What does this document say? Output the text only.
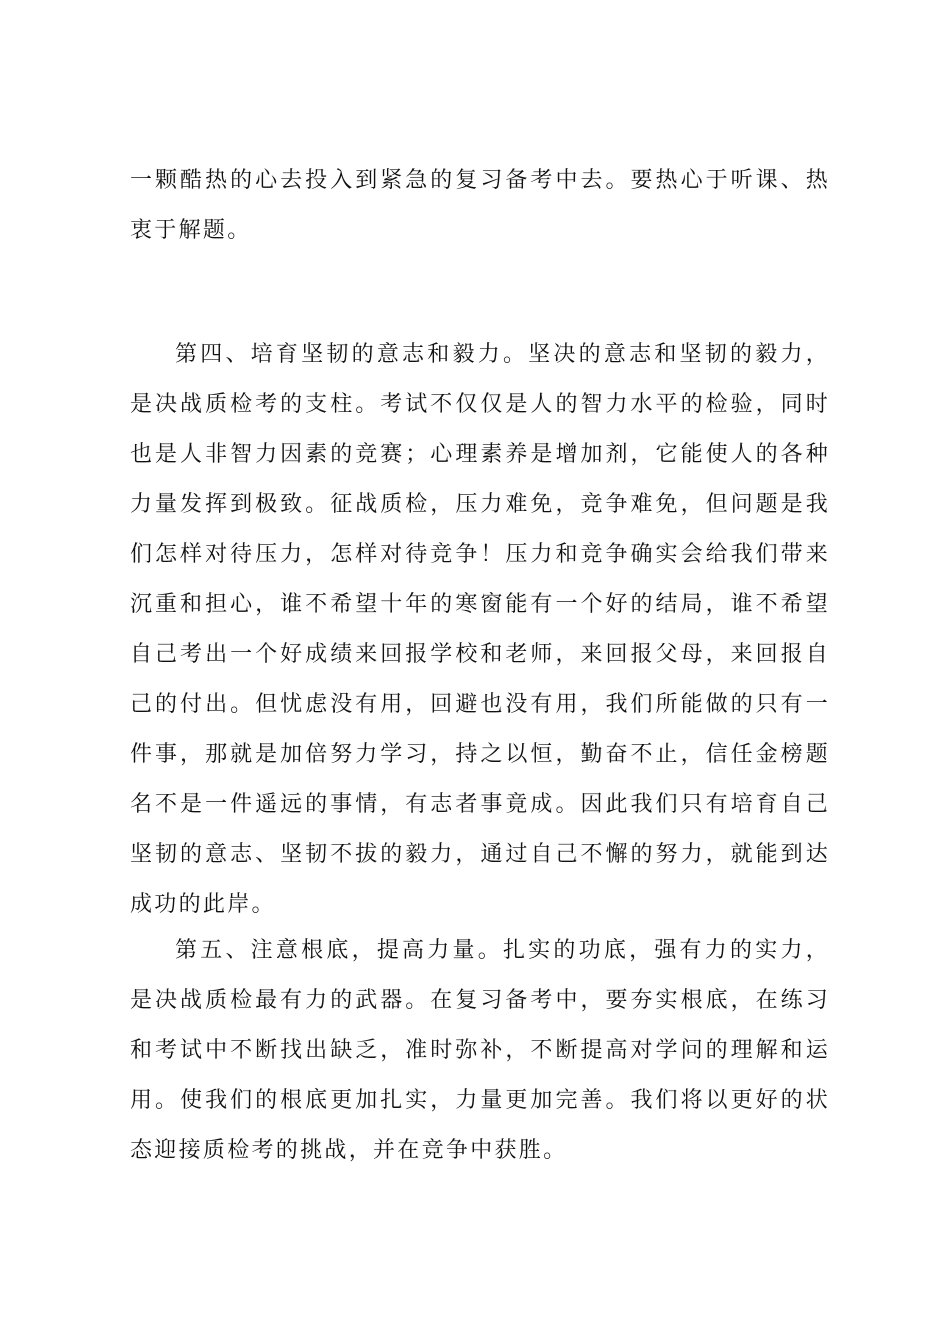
一颗酷热的心去投入到紧急的复习备考中去。要热心于听课、热衷于解题。

第四、培育坚韧的意志和毅力。坚决的意志和坚韧的毅力，是决战质检考的支柱。考试不仅仅是人的智力水平的检验，同时也是人非智力因素的竞赛；心理素养是增加剂，它能使人的各种力量发挥到极致。征战质检，压力难免，竞争难免，但问题是我们怎样对待压力，怎样对待竞争！压力和竞争确实会给我们带来沉重和担心，谁不希望十年的寒窗能有一个好的结局，谁不希望自己考出一个好成绩来回报学校和老师，来回报父母，来回报自己的付出。但忧虑没有用，回避也没有用，我们所能做的只有一件事，那就是加倍努力学习，持之以恒，勤奋不止，信任金榜题名不是一件遥远的事情，有志者事竟成。因此我们只有培育自己坚韧的意志、坚韧不拔的毅力，通过自己不懈的努力，就能到达成功的此岸。

第五、注意根底，提高力量。扎实的功底，强有力的实力，是决战质检最有力的武器。在复习备考中，要夯实根底，在练习和考试中不断找出缺乏，准时弥补，不断提高对学问的理解和运用。使我们的根底更加扎实，力量更加完善。我们将以更好的状态迎接质检考的挑战，并在竞争中获胜。
